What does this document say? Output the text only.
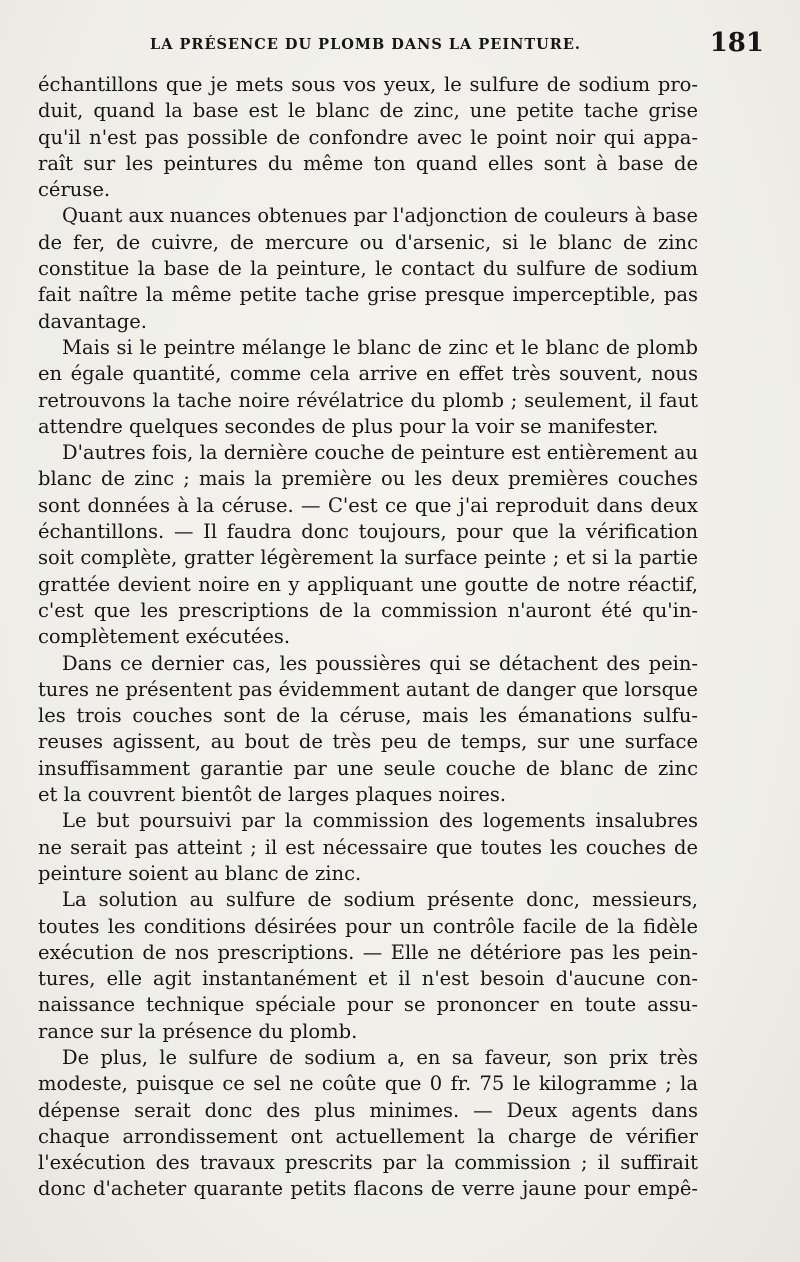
LA PRÉSENCE DU PLOMB DANS LA PEINTURE.	181
échantillons que je mets sous vos yeux, le sulfure de sodium pro-
duit, quand la base est le blanc de zinc, une petite tache grise
qu'il n'est pas possible de confondre avec le point noir qui appa-
raît sur les peintures du même ton quand elles sont à base de
céruse.
Quant aux nuances obtenues par l'adjonction de couleurs à base
de fer, de cuivre, de mercure ou d'arsenic, si le blanc de zinc
constitue la base de la peinture, le contact du sulfure de sodium
fait naître la même petite tache grise presque imperceptible, pas
davantage.
Mais si le peintre mélange le blanc de zinc et le blanc de plomb
en égale quantité, comme cela arrive en effet très souvent, nous
retrouvons la tache noire révélatrice du plomb ; seulement, il faut
attendre quelques secondes de plus pour la voir se manifester.
D'autres fois, la dernière couche de peinture est entièrement au
blanc de zinc ; mais la première ou les deux premières couches
sont données à la céruse. — C'est ce que j'ai reproduit dans deux
échantillons. — Il faudra donc toujours, pour que la vérification
soit complète, gratter légèrement la surface peinte ; et si la partie
grattée devient noire en y appliquant une goutte de notre réactif,
c'est que les prescriptions de la commission n'auront été qu'in-
complètement exécutées.
Dans ce dernier cas, les poussières qui se détachent des pein-
tures ne présentent pas évidemment autant de danger que lorsque
les trois couches sont de la céruse, mais les émanations sulfu-
reuses agissent, au bout de très peu de temps, sur une surface
insuffisamment garantie par une seule couche de blanc de zinc
et la couvrent bientôt de larges plaques noires.
Le but poursuivi par la commission des logements insalubres
ne serait pas atteint ; il est nécessaire que toutes les couches de
peinture soient au blanc de zinc.
La solution au sulfure de sodium présente donc, messieurs,
toutes les conditions désirées pour un contrôle facile de la fidèle
exécution de nos prescriptions. — Elle ne détériore pas les pein-
tures, elle agit instantanément et il n'est besoin d'aucune con-
naissance technique spéciale pour se prononcer en toute assu-
rance sur la présence du plomb.
De plus, le sulfure de sodium a, en sa faveur, son prix très
modeste, puisque ce sel ne coûte que 0 fr. 75 le kilogramme ; la
dépense serait donc des plus minimes. — Deux agents dans
chaque arrondissement ont actuellement la charge de vérifier
l'exécution des travaux prescrits par la commission ; il suffirait
donc d'acheter quarante petits flacons de verre jaune pour empê-
